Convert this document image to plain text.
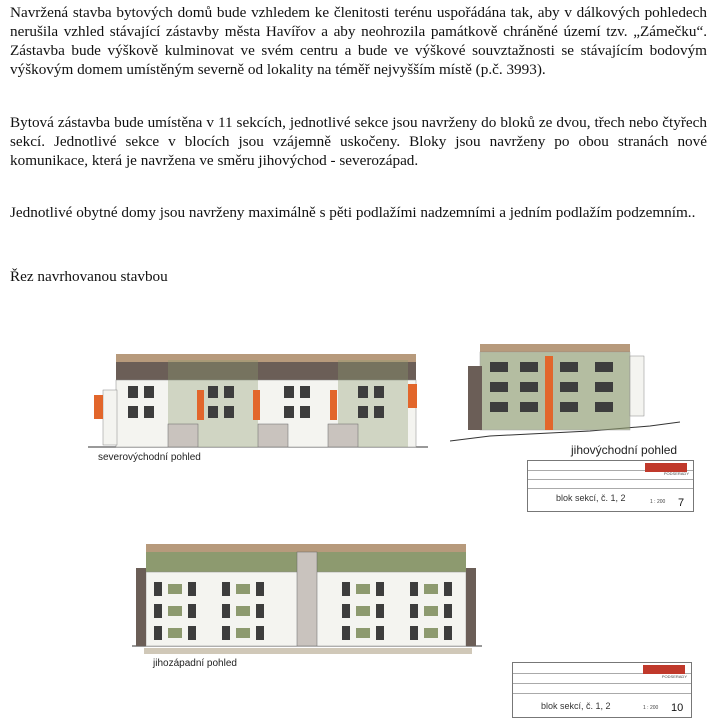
Navržená stavba bytových domů bude vzhledem ke členitosti terénu uspořádána tak, aby v dálkových pohledech nerušila vzhled stávající zástavby města Havířov a aby neohrozila památkově chráněné území tzv. „Zámečku“. Zástavba bude výškově kulminovat ve svém centru a bude ve výškové souvztažnosti se stávajícím bodovým výškovým domem umístěným severně od lokality na téměř nejvyšším místě (p.č. 3993).
Bytová zástavba bude umístěna v 11 sekcích, jednotlivé sekce jsou navrženy do bloků ze dvou, třech nebo čtyřech sekcí. Jednotlivé sekce v blocích jsou vzájemně uskočeny. Bloky jsou navrženy po obou stranách nové komunikace, která je navržena ve směru jihovýchod - severozápad.
Jednotlivé obytné domy jsou navrženy maximálně s pěti podlažími nadzemními a jedním podlažím podzemním..
Řez navrhovanou stavbou
severovýchodní pohled
jihovýchodní pohled
PODSERADY
blok sekcí, č. 1, 2	1 : 200 7
jihozápadní pohled
PODSERADY
blok sekcí, č. 1, 2	1 : 200 10
